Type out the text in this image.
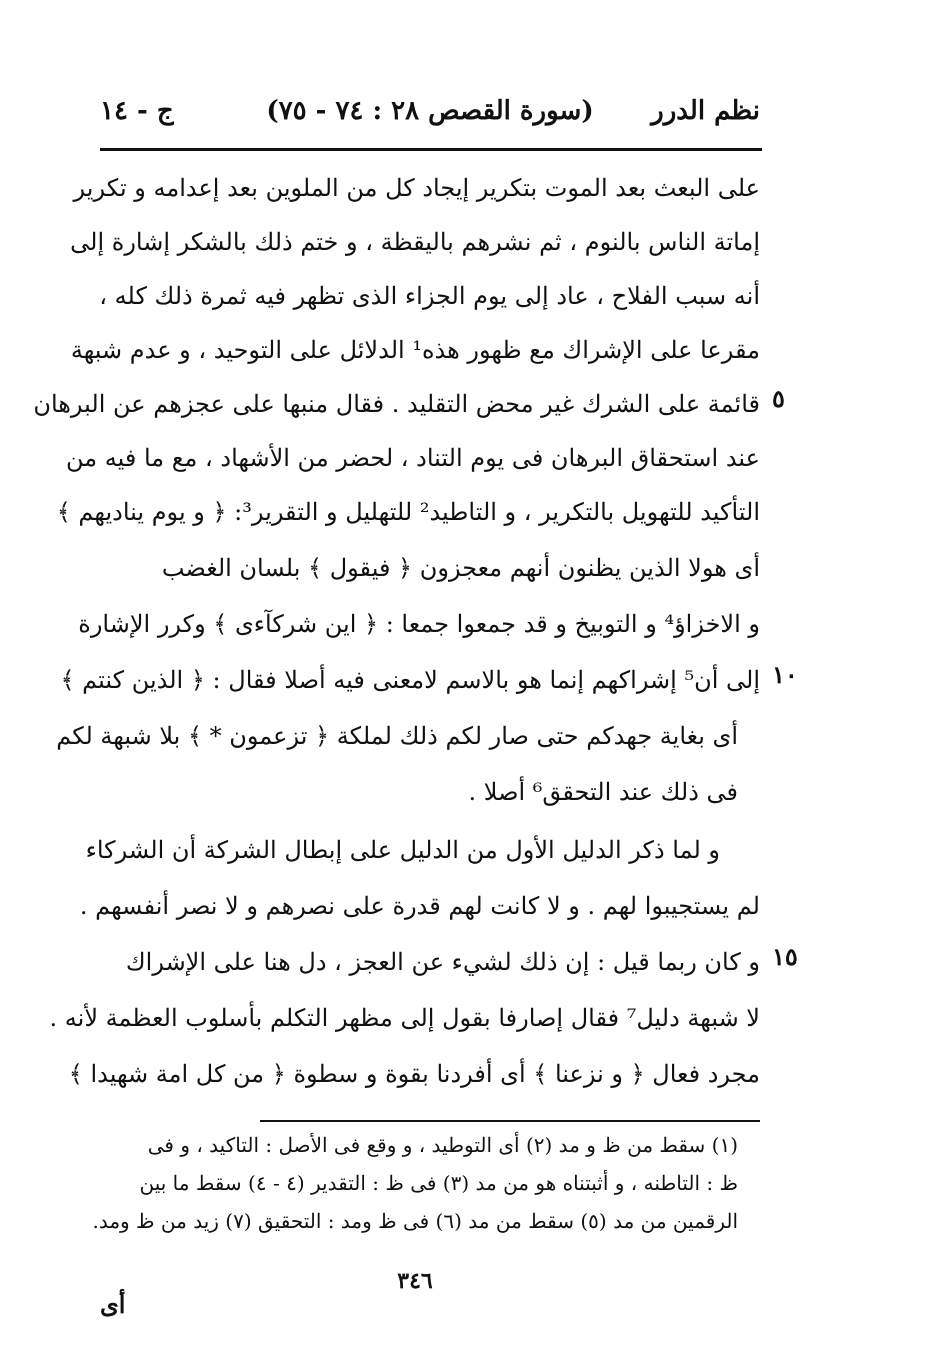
نظم الدرر
(سورة القصص ٢٨ : ٧٤ - ٧٥)
ج - ١٤
على البعث بعد الموت بتكرير إيجاد كل من الملوين بعد إعدامه و تكرير
إماتة الناس بالنوم ، ثم نشرهم باليقظة ، و ختم ذلك بالشكر إشارة إلى
أنه سبب الفلاح ، عاد إلى يوم الجزاء الذى تظهر فيه ثمرة ذلك كله ،
مقرعا على الإشراك مع ظهور هذه¹ الدلائل على التوحيد ، و عدم شبهة
قائمة على الشرك غير محض التقليد . فقال منبها على عجزهم عن البرهان ٥
عند استحقاق البرهان فى يوم التناد ، لحضر من الأشهاد ، مع ما فيه من
التأكيد للتهويل بالتكرير ، و التاطيد² للتهليل و التقرير³: ﴿ و يوم يناديهم ﴾
أى هولا الذين يظنون أنهم معجزون ﴿ فيقول ﴾ بلسان الغضب
و الاخزاؤ⁴ و التوبيخ و قد جمعوا جمعا : ﴿ اين شركآءى ﴾ وكرر الإشارة
إلى أن⁵ إشراكهم إنما هو بالاسم لامعنى فيه أصلا فقال : ﴿ الذين كنتم ﴾ ١٠
أى بغاية جهدكم حتى صار لكم ذلك لملكة ﴿ تزعمون * ﴾ بلا شبهة لكم
فى ذلك عند التحقق⁶ أصلا .
و لما ذكر الدليل الأول من الدليل على إبطال الشركة أن الشركاء
لم يستجيبوا لهم . و لا كانت لهم قدرة على نصرهم و لا نصر أنفسهم .
و كان ربما قيل : إن ذلك لشيء عن العجز ، دل هنا على الإشراك ١٥
لا شبهة دليل⁷ فقال إصارفا بقول إلى مظهر التكلم بأسلوب العظمة لأنه .
مجرد فعال ﴿ و نزعنا ﴾ أى أفردنا بقوة و سطوة ﴿ من كل امة شهيدا ﴾
(١) سقط من ظ و مد (٢) أى التوطيد ، و وقع فى الأصل : التاكيد ، و فى
ظ : التاطنه ، و أثبتناه هو من مد (٣) فى ظ : التقدير (٤ - ٤) سقط ما بين
الرقمين من مد (٥) سقط من مد (٦) فى ظ ومد : التحقيق (٧) زيد من ظ ومد.
٣٤٦
أى
